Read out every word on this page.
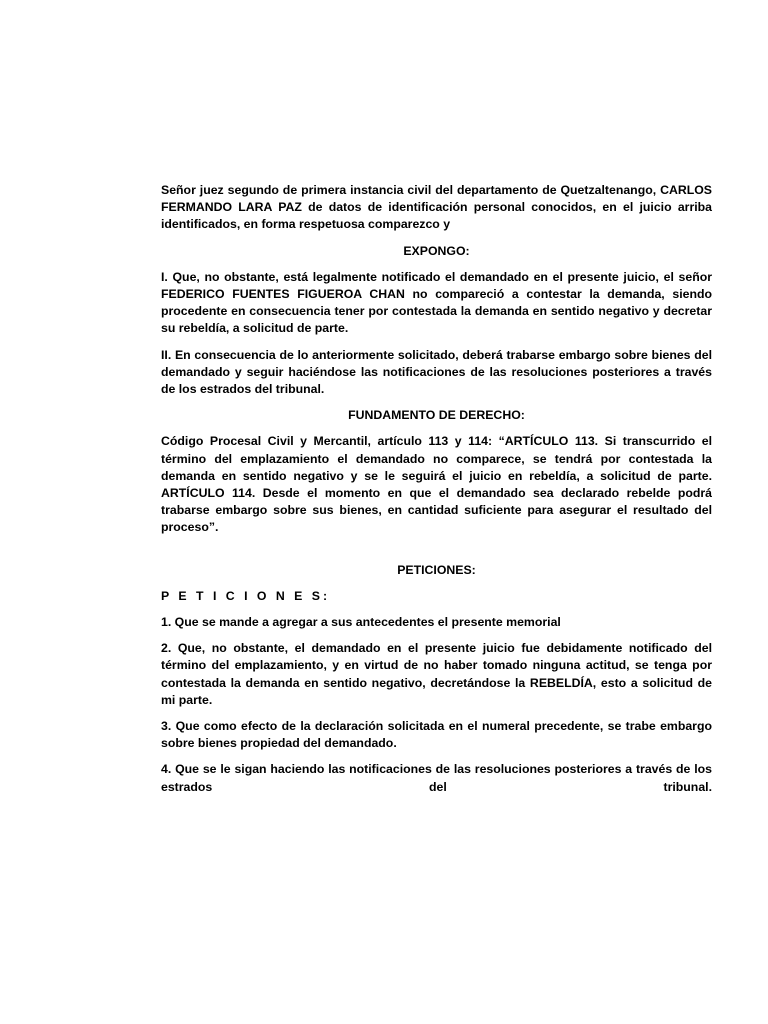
Señor juez segundo de primera instancia civil del departamento de Quetzaltenango, CARLOS FERMANDO LARA PAZ de datos de identificación personal conocidos, en el juicio arriba identificados, en forma respetuosa comparezco y

EXPONGO:

I. Que, no obstante, está legalmente notificado el demandado en el presente juicio, el señor FEDERICO FUENTES FIGUEROA CHAN no compareció a contestar la demanda, siendo procedente en consecuencia tener por contestada la demanda en sentido negativo y decretar su rebeldía, a solicitud de parte.

II. En consecuencia de lo anteriormente solicitado, deberá trabarse embargo sobre bienes del demandado y seguir haciéndose las notificaciones de las resoluciones posteriores a través de los estrados del tribunal.

FUNDAMENTO DE DERECHO:

Código Procesal Civil y Mercantil, artículo 113 y 114: “ARTÍCULO 113. Si transcurrido el término del emplazamiento el demandado no comparece, se tendrá por contestada la demanda en sentido negativo y se le seguirá el juicio en rebeldía, a solicitud de parte. ARTÍCULO 114. Desde el momento en que el demandado sea declarado rebelde podrá trabarse embargo sobre sus bienes, en cantidad suficiente para asegurar el resultado del proceso”.

PETICIONES:
P E T I C I O N E S:

1. Que se mande a agregar a sus antecedentes el presente memorial

2. Que, no obstante, el demandado en el presente juicio fue debidamente notificado del término del emplazamiento, y en virtud de no haber tomado ninguna actitud, se tenga por contestada la demanda en sentido negativo, decretándose la REBELDÍA, esto a solicitud de mi parte.

3. Que como efecto de la declaración solicitada en el numeral precedente, se trabe embargo sobre bienes propiedad del demandado.

4. Que se le sigan haciendo las notificaciones de las resoluciones posteriores a través de los estrados del tribunal.
